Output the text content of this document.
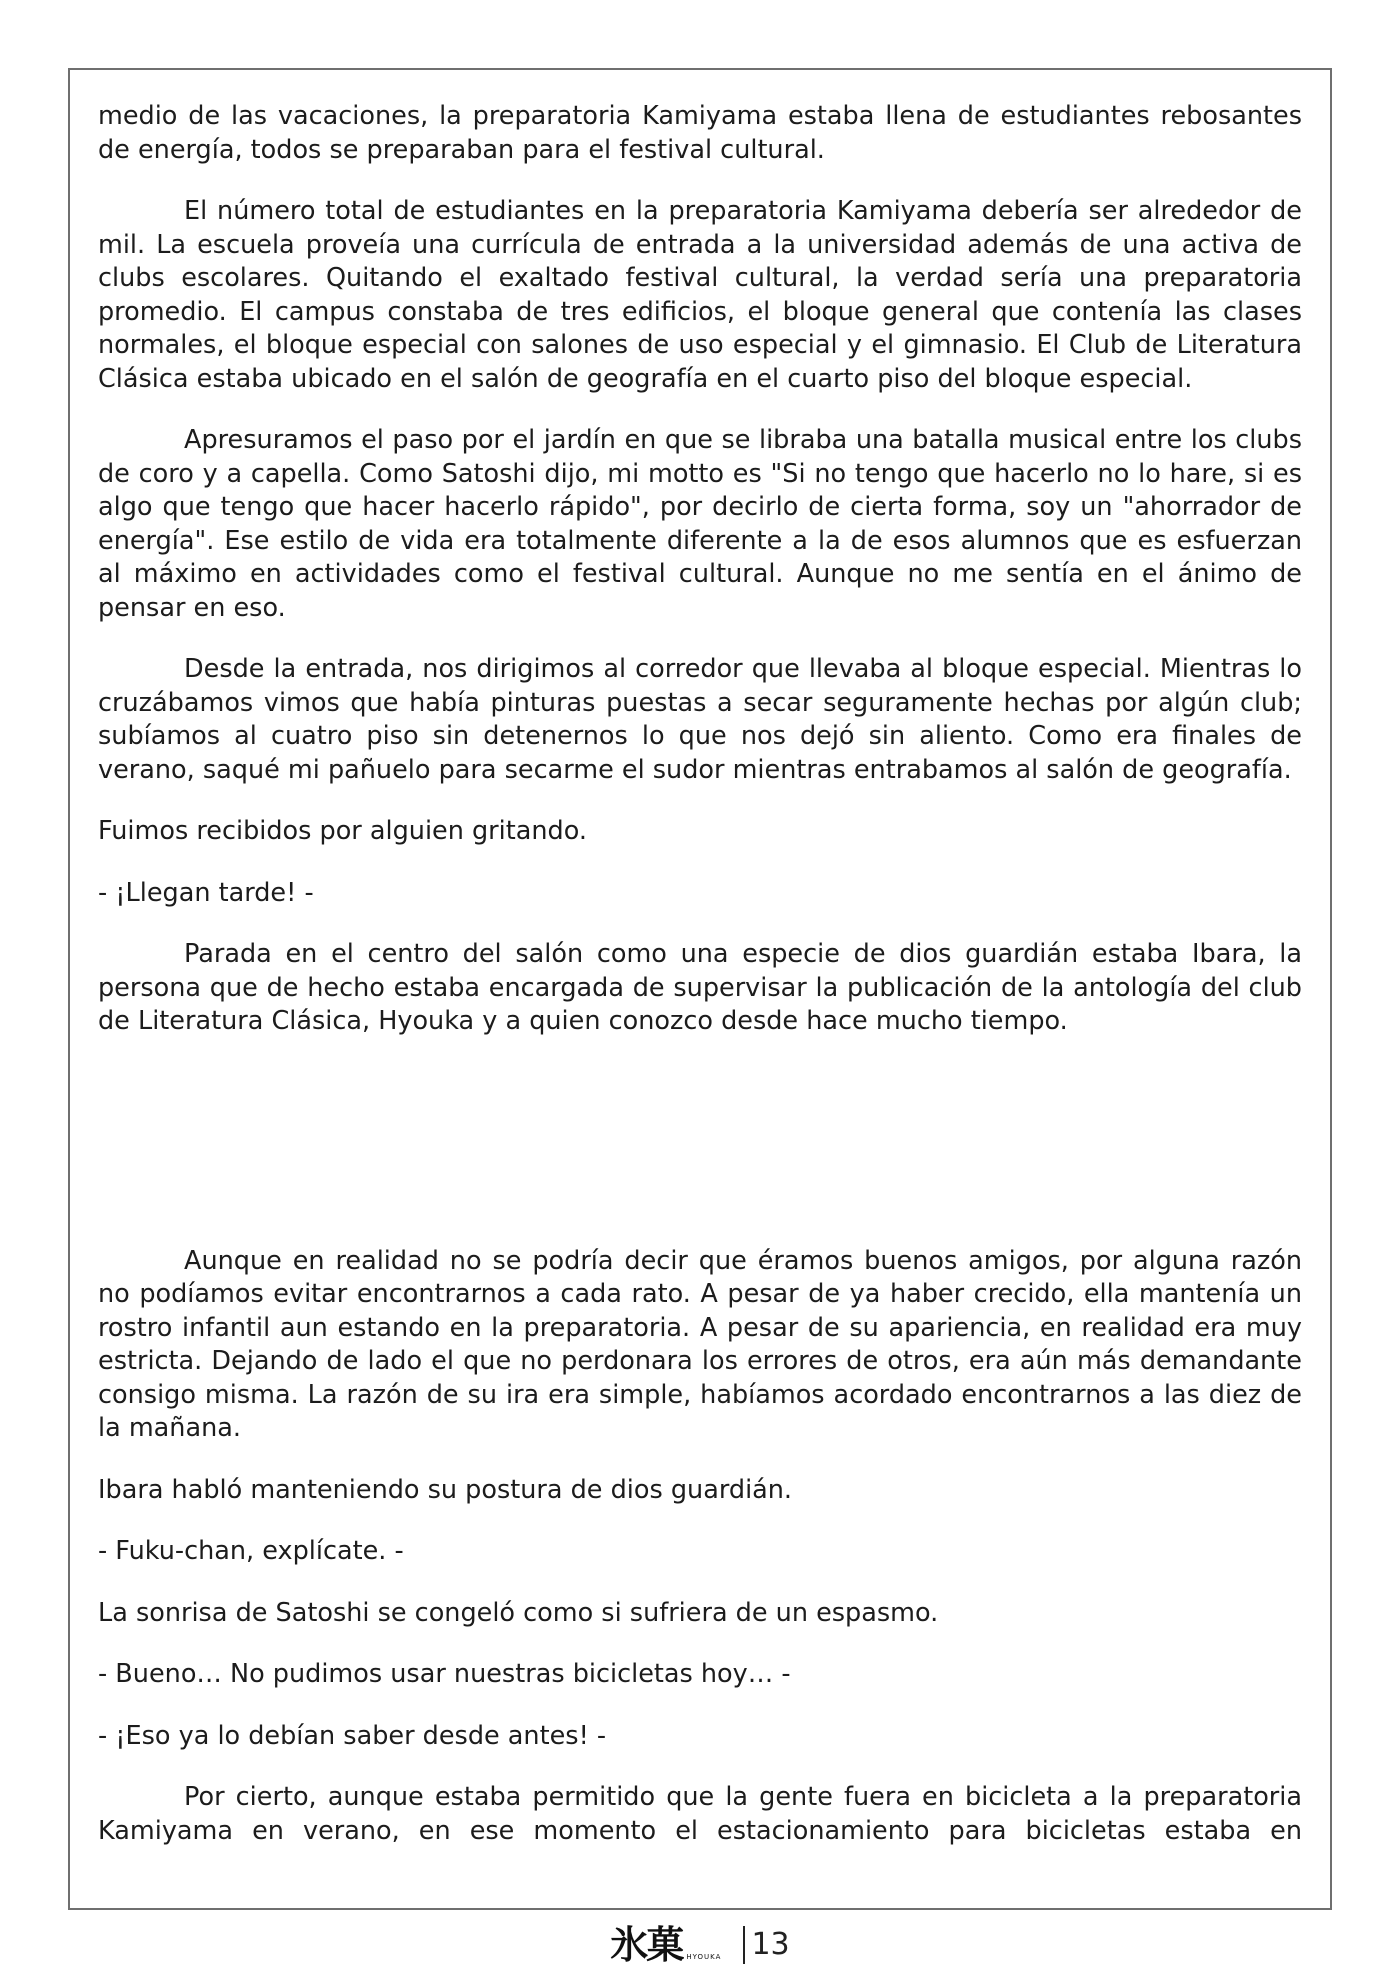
medio de las vacaciones, la preparatoria Kamiyama estaba llena de estudiantes rebosantes de energía, todos se preparaban para el festival cultural.

El número total de estudiantes en la preparatoria Kamiyama debería ser alrededor de mil. La escuela proveía una currícula de entrada a la universidad además de una activa de clubs escolares. Quitando el exaltado festival cultural, la verdad sería una preparatoria promedio. El campus constaba de tres edificios, el bloque general que contenía las clases normales, el bloque especial con salones de uso especial y el gimnasio. El Club de Literatura Clásica estaba ubicado en el salón de geografía en el cuarto piso del bloque especial.

Apresuramos el paso por el jardín en que se libraba una batalla musical entre los clubs de coro y a capella. Como Satoshi dijo, mi motto es "Si no tengo que hacerlo no lo hare, si es algo que tengo que hacer hacerlo rápido", por decirlo de cierta forma, soy un "ahorrador de energía". Ese estilo de vida era totalmente diferente a la de esos alumnos que es esfuerzan al máximo en actividades como el festival cultural. Aunque no me sentía en el ánimo de pensar en eso.

Desde la entrada, nos dirigimos al corredor que llevaba al bloque especial. Mientras lo cruzábamos vimos que había pinturas puestas a secar seguramente hechas por algún club; subíamos al cuatro piso sin detenernos lo que nos dejó sin aliento. Como era finales de verano, saqué mi pañuelo para secarme el sudor mientras entrabamos al salón de geografía.

Fuimos recibidos por alguien gritando.

- ¡Llegan tarde! -

Parada en el centro del salón como una especie de dios guardián estaba Ibara, la persona que de hecho estaba encargada de supervisar la publicación de la antología del club de Literatura Clásica, Hyouka y a quien conozco desde hace mucho tiempo.

Aunque en realidad no se podría decir que éramos buenos amigos, por alguna razón no podíamos evitar encontrarnos a cada rato. A pesar de ya haber crecido, ella mantenía un rostro infantil aun estando en la preparatoria. A pesar de su apariencia, en realidad era muy estricta. Dejando de lado el que no perdonara los errores de otros, era aún más demandante consigo misma. La razón de su ira era simple, habíamos acordado encontrarnos a las diez de la mañana.

Ibara habló manteniendo su postura de dios guardián.

- Fuku-chan, explícate. -

La sonrisa de Satoshi se congeló como si sufriera de un espasmo.

- Bueno… No pudimos usar nuestras bicicletas hoy… -

- ¡Eso ya lo debían saber desde antes! -

Por cierto, aunque estaba permitido que la gente fuera en bicicleta a la preparatoria Kamiyama en verano, en ese momento el estacionamiento para bicicletas estaba en

氷菓 HYOUKA 13
